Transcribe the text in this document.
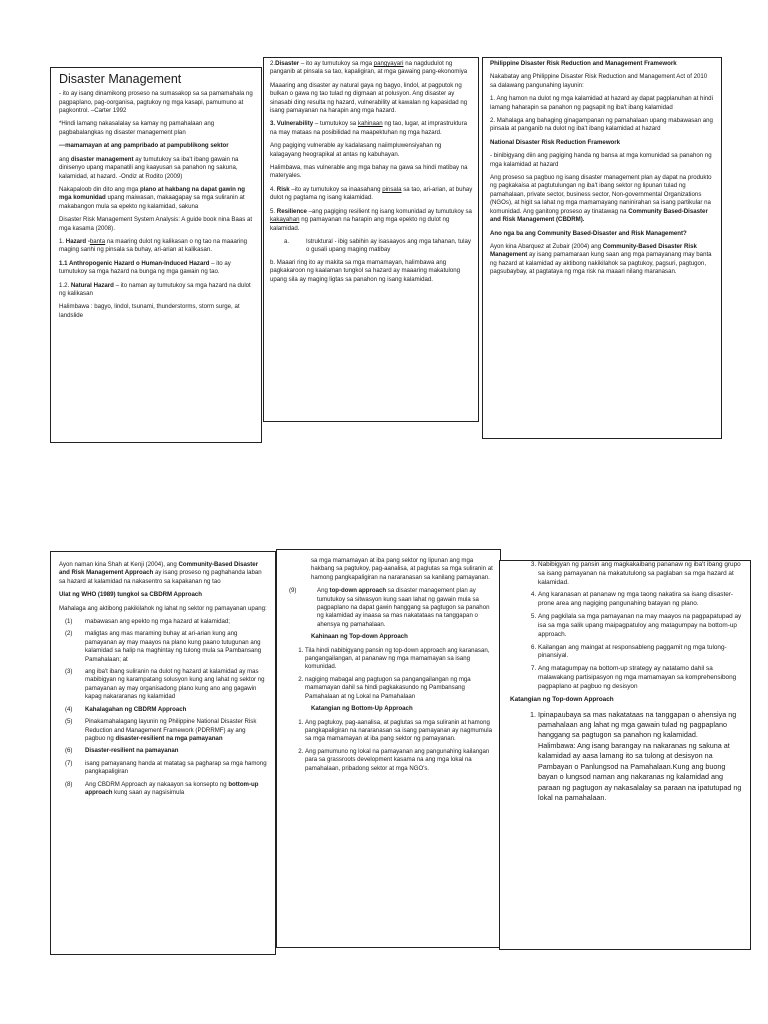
Disaster Management

- ito ay isang dinamikong proseso na sumasakop sa sa pamamahala ng pagpaplano, pag-oorganisa, pagtukoy ng mga kasapi, pamumuno at pagkontrol. –Carter 1992

*Hindi lamang nakasalalay sa kamay ng pamahalaan ang pagbabalangkas ng disaster management plan

---mamamayan at ang pampribado at pampublikong sektor

ang disaster management ay tumutukoy sa iba't ibang gawain na dinisenyo upang mapanatili ang kaayusan sa panahon ng sakuna, kalamidad, at hazard. -Ondiz at Rodito (2009)

Nakapaloob din dito ang mga plano at hakbang na dapat gawin ng mga komunidad upang maiwasan, makaagapay sa mga suliranin at makabangon mula sa epekto ng kalamidad, sakuna

Disaster Risk Management System Analysis: A guide book nina Baas at mga kasama (2008).

1. Hazard -banta na maaring dulot ng kalikasan o ng tao na maaaring maging sanhi ng pinsala sa buhay, ari-arian at kalikasan.

1.1 Anthropogenic Hazard o Human-Induced Hazard – ito ay tumutukoy sa mga hazard na bunga ng mga gawain ng tao.

1.2. Natural Hazard – ito naman ay tumutukoy sa mga hazard na dulot ng kalikasan

Halimbawa : bagyo, lindol, tsunami, thunderstorms, storm surge, at landslide

2.Disaster – ito ay tumutukoy sa mga pangyayari na nagdudulot ng panganib at pinsala sa tao, kapaligiran, at mga gawaing pang-ekonomiya

Maaaring ang disaster ay natural gaya ng bagyo, lindol, at pagputok ng bulkan o gawa ng tao tulad ng digmaan at polusyon. Ang disaster ay sinasabi ding resulta ng hazard, vulnerability at kawalan ng kapasidad ng isang pamayanan na harapin ang mga hazard.

3. Vulnerability – tumutukoy sa kahinaan ng tao, lugar, at imprastruktura na may mataas na posibilidad na maapektuhan ng mga hazard.

Ang pagiging vulnerable ay kadalasang naiimpluwensiyahan ng kalagayang heograpikal at antas ng kabuhayan.

Halimbawa, mas vulnerable ang mga bahay na gawa sa hindi matibay na materyales.

4. Risk –ito ay tumutukoy sa inaasahang pinsala sa tao, ari-arian, at buhay dulot ng pagtama ng isang kalamidad.

5. Resilience –ang pagiging resilient ng isang komunidad ay tumutukoy sa kakayahan ng pamayanan na harapin ang mga epekto ng dulot ng kalamidad.

a.	Istruktural - ibig sabihin ay isasaayos ang mga tahanan, tulay o gusali upang maging matibay

b. Maaari ring ito ay makita sa mga mamamayan, halimbawa ang pagkakaroon ng kaalaman tungkol sa hazard ay maaaring makatulong upang sila ay maging ligtas sa panahon ng isang kalamidad.

Philippine Disaster Risk Reduction and Management Framework

Nakabatay ang Philippine Disaster Risk Reduction and Management Act of 2010 sa dalawang pangunahing layunin:

1. Ang hamon na dulot ng mga kalamidad at hazard ay dapat pagplanuhan at hindi lamang haharapin sa panahon ng pagsapit ng iba't ibang kalamidad

2. Mahalaga ang bahaging ginagampanan ng pamahalaan upang mabawasan ang pinsala at panganib na dulot ng iba't ibang kalamidad at hazard

National Disaster Risk Reduction Framework

- binibigyang diin ang pagiging handa ng bansa at mga komunidad sa panahon ng mga kalamidad at hazard

Ang proseso sa pagbuo ng isang disaster management plan ay dapat na produkto ng pagkakaisa at pagtutulungan ng iba't ibang sektor ng lipunan tulad ng pamahalaan, private sector, business sector, Non-governmental Organizations (NGOs), at higit sa lahat ng mga mamamayang naninirahan sa isang partikular na komunidad. Ang ganitong proseso ay tinatawag na Community Based-Disaster and Risk Management (CBDRM).

Ano nga ba ang Community Based-Disaster and Risk Management?

Ayon kina Abarquez at Zubair (2004) ang Community-Based Disaster Risk Management ay isang pamamaraan kung saan ang mga pamayanang may banta ng hazard at kalamidad ay aktibong nakikilahok sa pagtukoy, pagsuri, pagtugon, pagsubaybay, at pagtataya ng mga risk na maaari nilang maranasan.

Ayon naman kina Shah at Kenji (2004), ang Community-Based Disaster and Risk Management Approach ay isang proseso ng paghahanda laban sa hazard at kalamidad na nakasentro sa kapakanan ng tao

Ulat ng WHO (1989) tungkol sa CBDRM Approach

Mahalaga ang aktibong pakikilahok ng lahat ng sektor ng pamayanan upang:

(1)	mabawasan ang epekto ng mga hazard at kalamidad;
(2)	maligtas ang mas maraming buhay at ari-arian kung ang pamayanan ay may maayos na plano kung paano tutugunan ang kalamidad sa halip na maghintay ng tulong mula sa Pambansang Pamahalaan; at
(3)	ang iba't ibang suliranin na dulot ng hazard at kalamidad ay mas mabibigyan ng karampatang solusyon kung ang lahat ng sektor ng pamayanan ay may organisadong plano kung ano ang gagawin kapag nakararanas ng kalamidad
(4)	Kahalagahan ng CBDRM Approach
(5)	Pinakamahalagang layunin ng Philippine National Disaster Risk Reduction and Management Framework (PDRRMF) ay ang pagbuo ng disaster-resilient na mga pamayanan
(6)	Disaster-resilient na pamayanan
(7)	isang pamayanang handa at matatag sa pagharap sa mga hamong pangkapaligiran
(8)	Ang CBDRM Approach ay nakaayon sa konsepto ng bottom-up approach kung saan ay nagsisimula

sa mga mamamayan at iba pang sektor ng lipunan ang mga hakbang sa pagtukoy, pag-aanalisa, at paglutas sa mga suliranin at hamong pangkapaligiran na nararanasan sa kanilang pamayanan.

(9)	Ang top-down approach sa disaster management plan ay tumutukoy sa sitwasyon kung saan lahat ng gawain mula sa pagpaplano na dapat gawin hanggang sa pagtugon sa panahon ng kalamidad ay inaasa sa mas nakatataas na tanggapan o ahensya ng pamahalaan.

Kahinaan ng Top-down Approach

1. Tila hindi nabibigyang pansin ng top-down approach ang karanasan, pangangailangan, at pananaw ng mga mamamayan sa isang komunidad.
2. nagiging mabagal ang pagtugon sa pangangailangan ng mga mamamayan dahil sa hindi pagkakasundo ng Pambansang Pamahalaan at ng Lokal na Pamahalaan

Katangian ng Bottom-Up Approach

1. Ang pagtukoy, pag-aanalisa, at paglutas sa mga suliranin at hamong pangkapaligiran na nararanasan sa isang pamayanan ay nagmumula sa mga mamamayan at iba pang sektor ng pamayanan.
2. Ang pamumuno ng lokal na pamayanan ang pangunahing kailangan para sa grassroots development kasama na ang mga lokal na pamahalaan, pribadong sektor at mga NGO's.
3. Nabibigyan ng pansin ang magkakaibang pananaw ng iba't ibang grupo sa isang pamayanan na makatutulong sa paglaban sa mga hazard at kalamidad.
4. Ang karanasan at pananaw ng mga taong nakatira sa isang disaster-prone area ang nagiging pangunahing batayan ng plano.
5. Ang pagkilala sa mga pamayanan na may maayos na pagpapatupad ay isa sa mga salik upang maipagpatuloy ang matagumpay na bottom-up approach.
6. Kailangan ang maingat at responsableng paggamit ng mga tulong-pinansiyal.
7. Ang matagumpay na bottom-up strategy ay natatamo dahil sa malawakang partisipasyon ng mga mamamayan sa komprehensibong pagpaplano at pagbuo ng desisyon

Katangian ng Top-down Approach

1. Ipinapaubaya sa mas nakatataas na tanggapan o ahensiya ng pamahalaan ang lahat ng mga gawain tulad ng pagpaplano hanggang sa pagtugon sa panahon ng kalamidad.
Halimbawa: Ang isang barangay na nakaranas ng sakuna at kalamidad ay aasa lamang ito sa tulong at desisyon na Pambayan o Panlungsod na Pamahalaan.Kung ang buong bayan o lungsod naman ang nakaranas ng kalamidad ang paraan ng pagtugon ay nakasalalay sa paraan na ipatutupad ng lokal na pamahalaan.
